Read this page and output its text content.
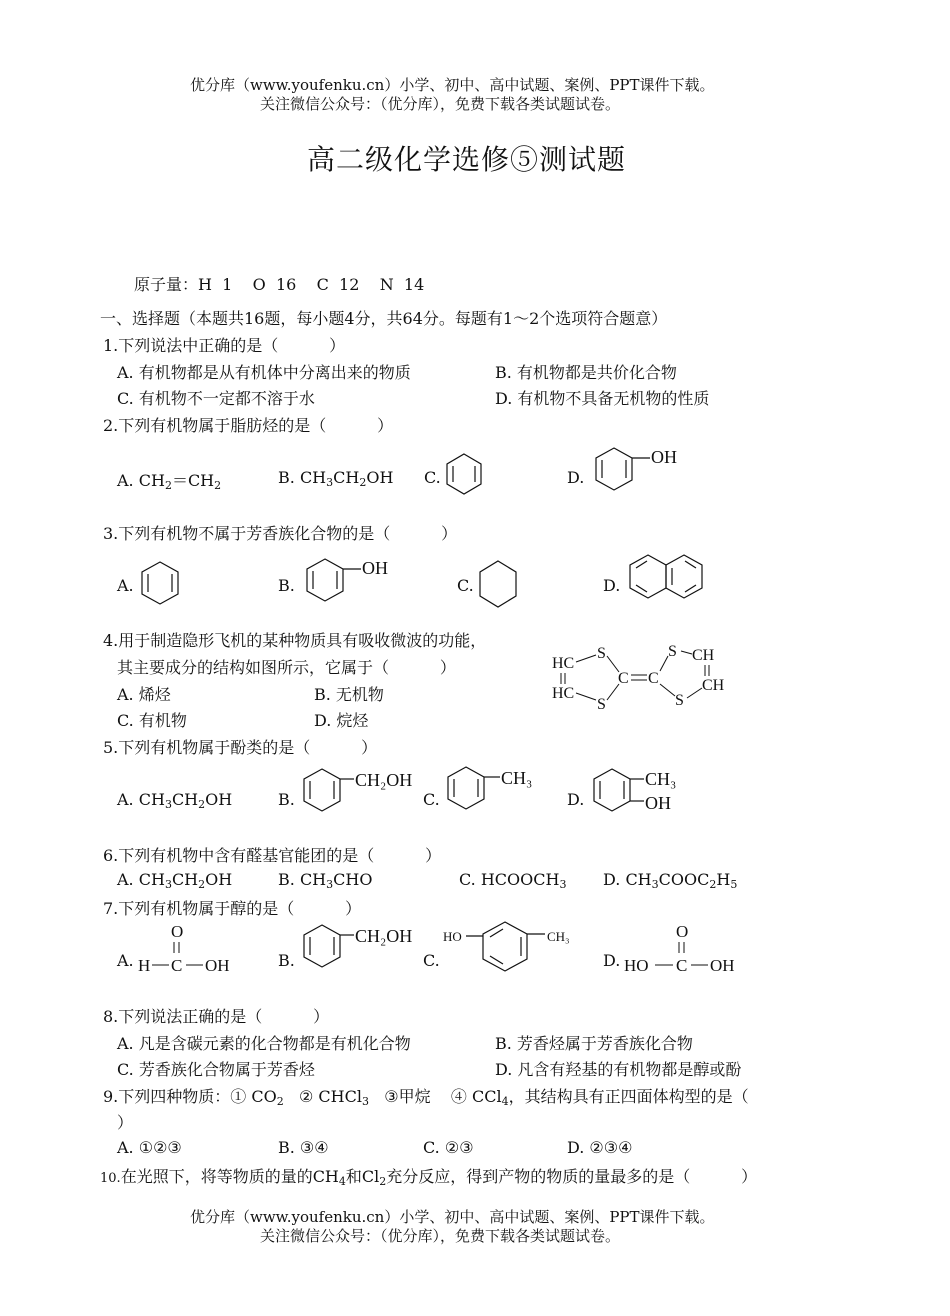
优分库（www.youfenku.cn）小学、初中、高中试题、案例、PPT课件下载。
关注微信公众号：（优分库），免费下载各类试题试卷。
高二级化学选修⑤测试题
原子量：H  1    O  16    C  12    N  14
一、选择题（本题共16题，每小题4分，共64分。每题有1～2个选项符合题意）
1.下列说法中正确的是（          ）
A. 有机物都是从有机体中分离出来的物质	B. 有机物都是共价化合物
C. 有机物不一定都不溶于水	D. 有机物不具备无机物的性质
2.下列有机物属于脂肪烃的是（          ）
A. $CH_2=CH_2$	B. $CH_3CH_2OH$ C.	D.
OH
3.下列有机物不属于芳香族化合物的是（          ）
A.	B.
OH
C.	D.
4.用于制造隐形飞机的某种物质具有吸收微波的功能，
其主要成分的结构如图所示，它属于（          ）
A. 烯烃	B. 无机物
C. 有机物	D. 烷烃
S
S
HC
HC
C C
S CH
CH
S
5.下列有机物属于酚类的是（          ）
A. $CH_3CH_2OH$	B.
CH₂OH
C.
CH₃
D.
CH₃
OH
6.下列有机物中含有醛基官能团的是（          ）
A. $CH_3CH_2OH$	B. $CH_3CHO$	C. $HCOOCH_3$ D. $CH_3COOC_2H_5$
7.下列有机物属于醇的是（          ）
A.
O
H C OH	B.
CH₂OH
C.
HO	CH₃
D.
O
HO C OH
8.下列说法正确的是（          ）
A. 凡是含碳元素的化合物都是有机化合物	B. 芳香烃属于芳香族化合物
C. 芳香族化合物属于芳香烃	D. 凡含有羟基的有机物都是醇或酚
9.下列四种物质：① $CO_2$   ② CHCl$_3$   ③甲烷    ④ CCl$_4$，其结构具有正四面体构型的是（
）
A. ①②③	B. ③④	C. ②③	D. ②③④
10.在光照下，将等物质的量的$CH_4$和$Cl_2$充分反应，得到产物的物质的量最多的是（          ）
优分库（www.youfenku.cn）小学、初中、高中试题、案例、PPT课件下载。
关注微信公众号：（优分库），免费下载各类试题试卷。
